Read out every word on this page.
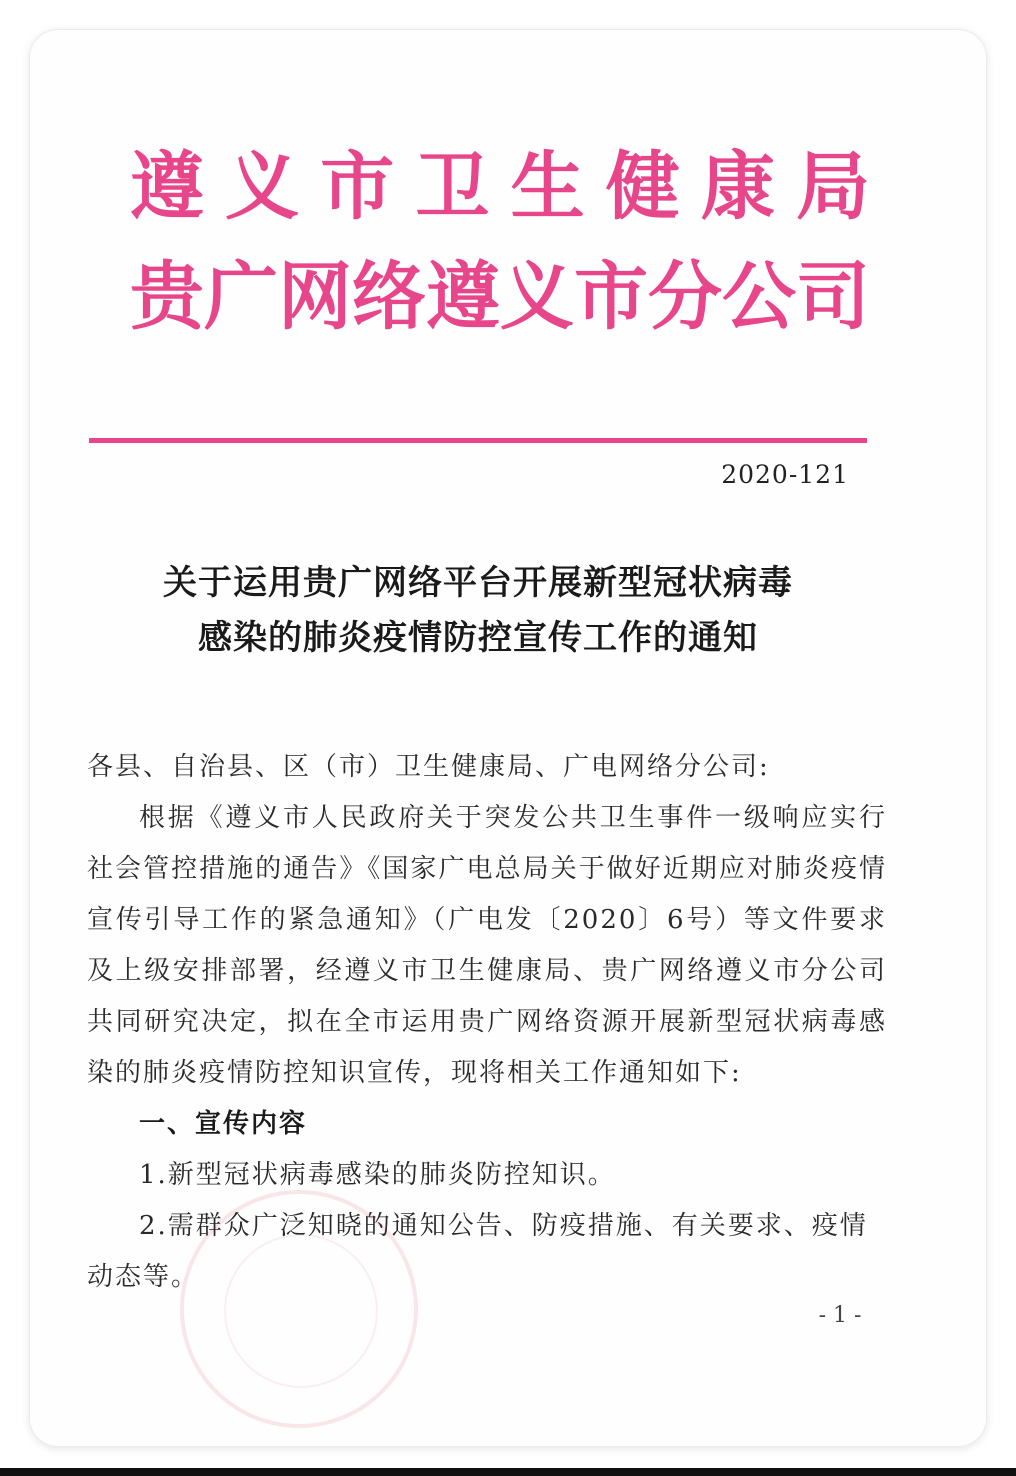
遵 义 市 卫 生 健 康 局
贵 广 网 络 遵 义 市 分 公 司
2020-121
关于运用贵广网络平台开展新型冠状病毒
感染的肺炎疫情防控宣传工作的通知

各县、自治县、区（市）卫生健康局、广电网络分公司:

根据《遵义市人民政府关于突发公共卫生事件一级响应实行社会管控措施的通告》《国家广电总局关于做好近期应对肺炎疫情宣传引导工作的紧急通知》（广电发〔2020〕6号）等文件要求及上级安排部署，经遵义市卫生健康局、贵广网络遵义市分公司共同研究决定，拟在全市运用贵广网络资源开展新型冠状病毒感染的肺炎疫情防控知识宣传，现将相关工作通知如下:

一、宣传内容

1.新型冠状病毒感染的肺炎防控知识。

2.需群众广泛知晓的通知公告、防疫措施、有关要求、疫情动态等。

- 1 -
